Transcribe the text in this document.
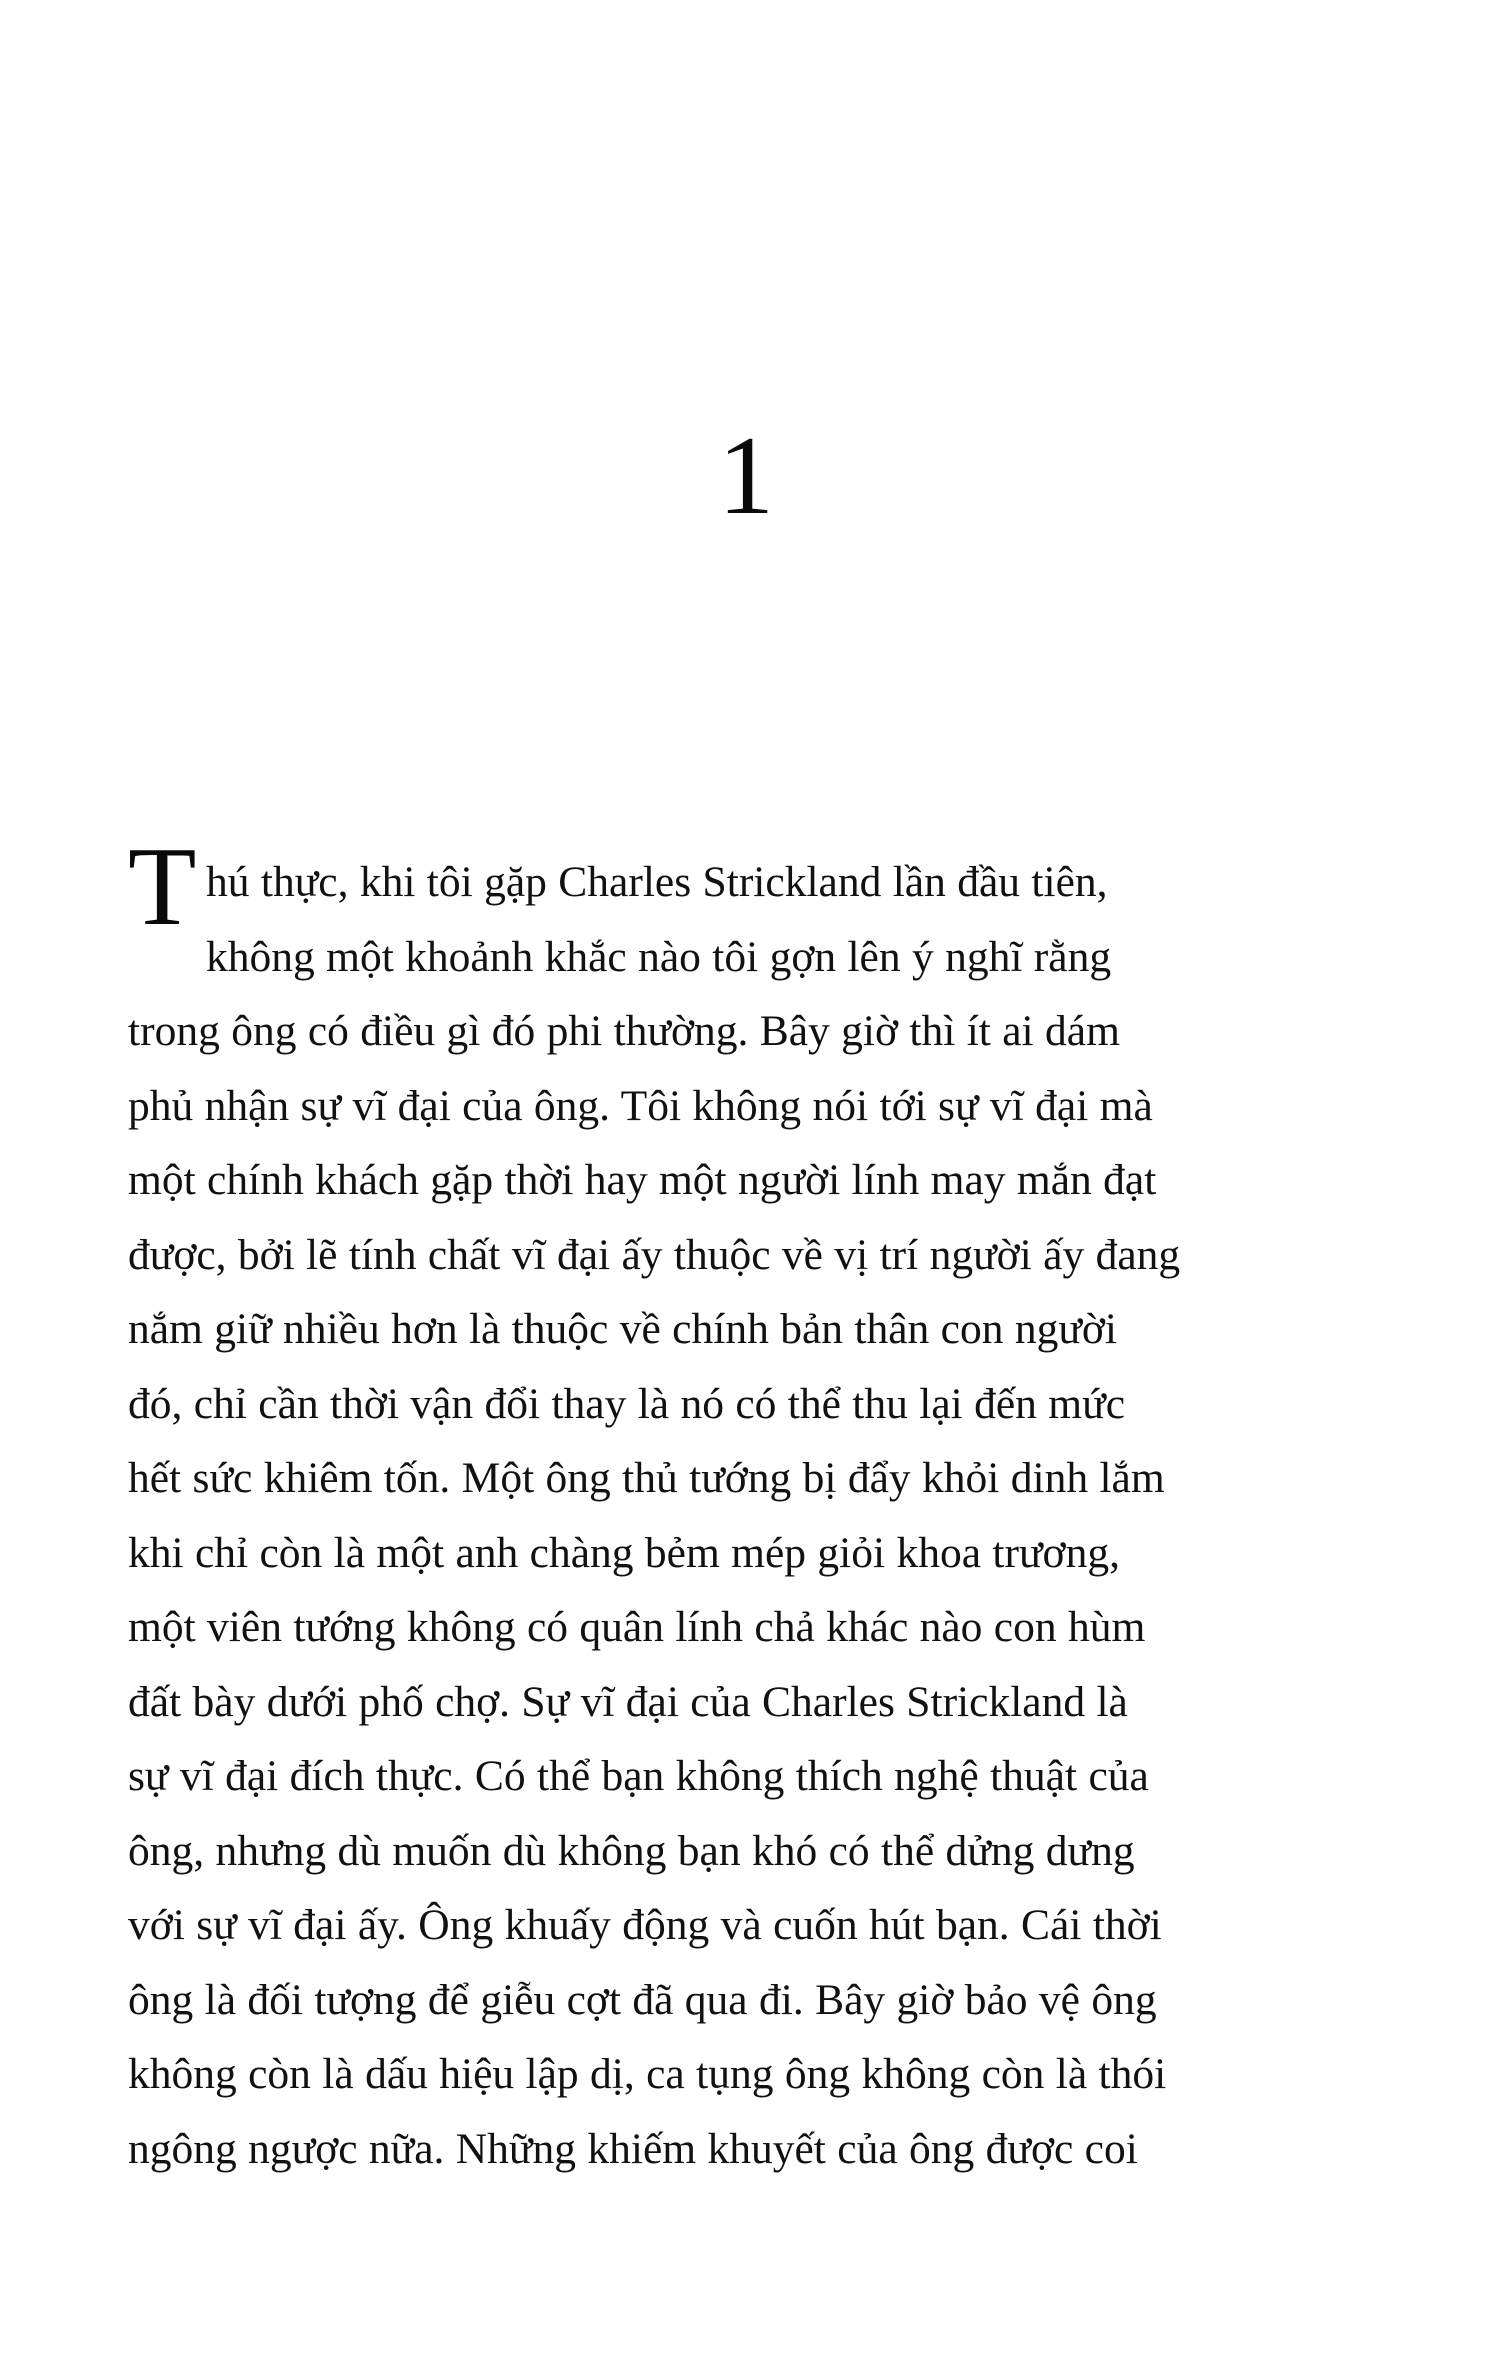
1
T hú thực, khi tôi gặp Charles Strickland lần đầu tiên,
không một khoảnh khắc nào tôi gợn lên ý nghĩ rằng
trong ông có điều gì đó phi thường. Bây giờ thì ít ai dám
phủ nhận sự vĩ đại của ông. Tôi không nói tới sự vĩ đại mà
một chính khách gặp thời hay một người lính may mắn đạt
được, bởi lẽ tính chất vĩ đại ấy thuộc về vị trí người ấy đang
nắm giữ nhiều hơn là thuộc về chính bản thân con người
đó, chỉ cần thời vận đổi thay là nó có thể thu lại đến mức
hết sức khiêm tốn. Một ông thủ tướng bị đẩy khỏi dinh lắm
khi chỉ còn là một anh chàng bẻm mép giỏi khoa trương,
một viên tướng không có quân lính chả khác nào con hùm
đất bày dưới phố chợ. Sự vĩ đại của Charles Strickland là
sự vĩ đại đích thực. Có thể bạn không thích nghệ thuật của
ông, nhưng dù muốn dù không bạn khó có thể dửng dưng
với sự vĩ đại ấy. Ông khuấy động và cuốn hút bạn. Cái thời
ông là đối tượng để giễu cợt đã qua đi. Bây giờ bảo vệ ông
không còn là dấu hiệu lập dị, ca tụng ông không còn là thói
ngông ngược nữa. Những khiếm khuyết của ông được coi
